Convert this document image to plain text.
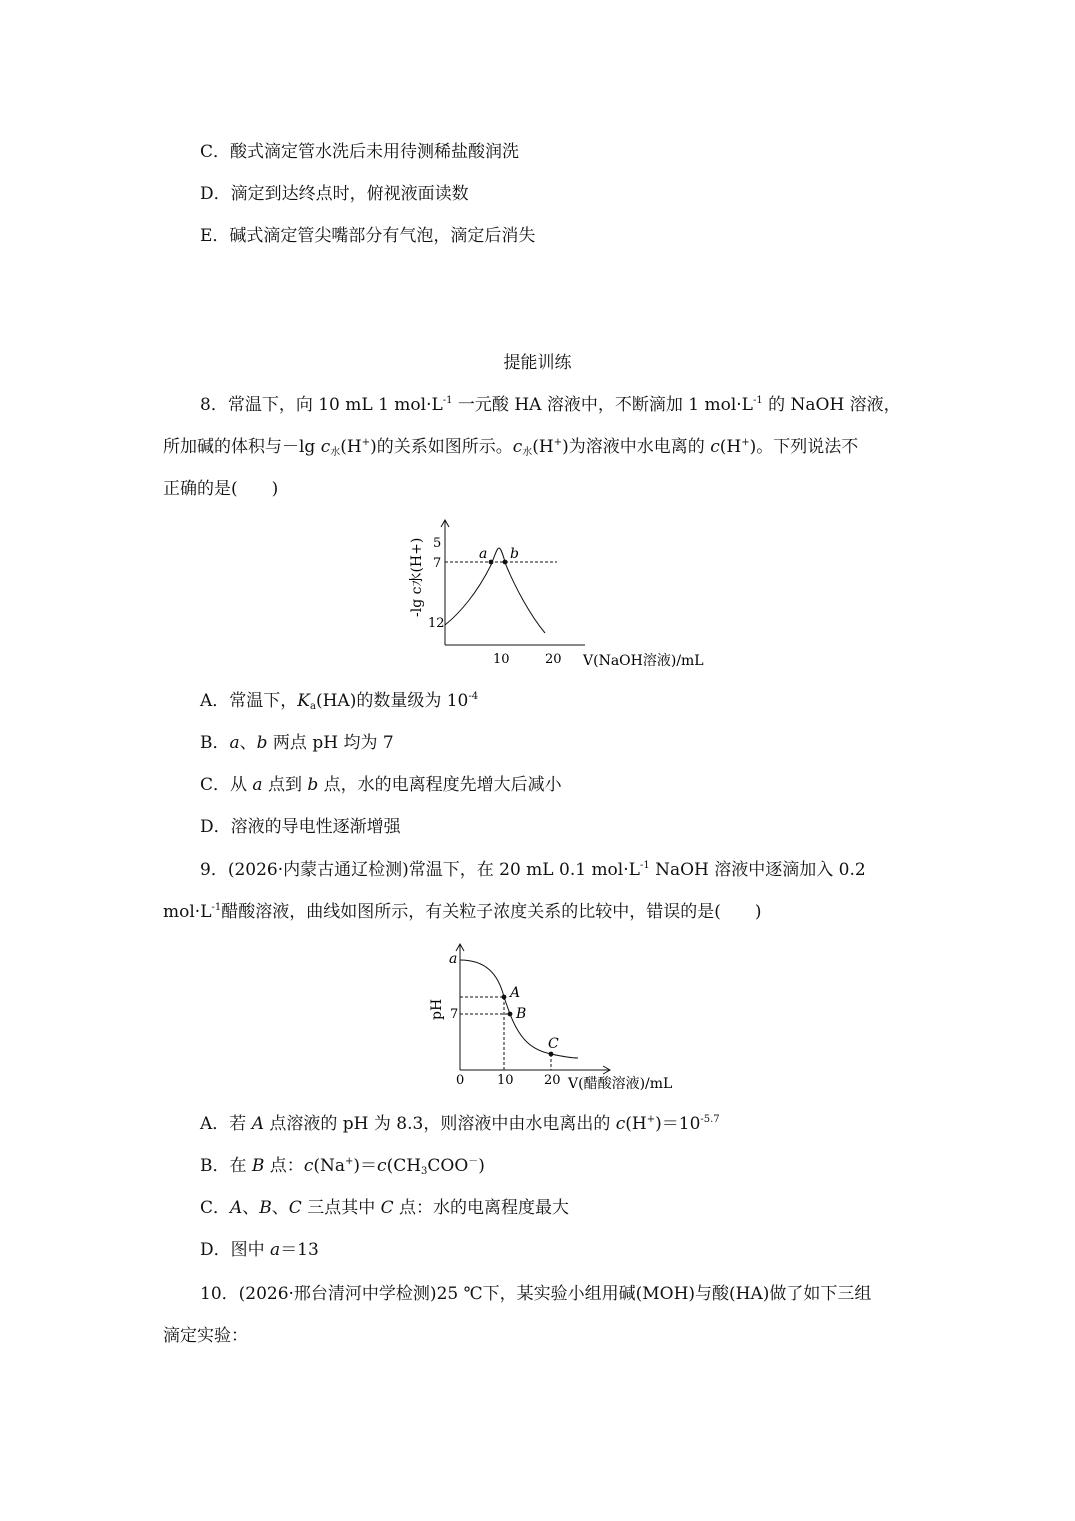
C．酸式滴定管水洗后未用待测稀盐酸润洗
D．滴定到达终点时，俯视液面读数
E．碱式滴定管尖嘴部分有气泡，滴定后消失
提能训练
8．常温下，向 10 mL 1 $mol\cdot L^{-1}$ 一元酸 HA 溶液中，不断滴加 1 $mol\cdot L^{-1}$ 的 NaOH 溶液，
所加碱的体积与－lg $c_水(H^+)$的关系如图所示。$c_水(H^+)$为溶液中水电离的 c(H+)。下列说法不
正确的是(　　)
a b
5
7
12
10	20 V(NaOH溶液)/mL
-lg c水(H+)
A．常温下，$K_a(HA)$的数量级为 $10^{-4}$
B．a、b 两点 pH 均为 7
C．从 a 点到 b 点，水的电离程度先增大后减小
D．溶液的导电性逐渐增强
9．(2026·内蒙古通辽检测)常温下，在 20 mL 0.1 $mol\cdot L^{-1}$ NaOH 溶液中逐滴加入 0.2
$mol\cdot L^{-1}$醋酸溶液，曲线如图所示，有关粒子浓度关系的比较中，错误的是(　　)
a
7
A
B
C
0	10 20 V(醋酸溶液)/mL
pH
A．若 A 点溶液的 pH 为 8.3，则溶液中由水电离出的 $c(H^+)=10^{-5.7}$
B．在 B 点：$c(Na^+)=c(CH_3COO^-)$
C．A、B、C 三点其中 C 点：水的电离程度最大
D．图中 a＝13
10．(2026·邢台清河中学检测)25 ℃下，某实验小组用碱(MOH)与酸(HA)做了如下三组
滴定实验：
